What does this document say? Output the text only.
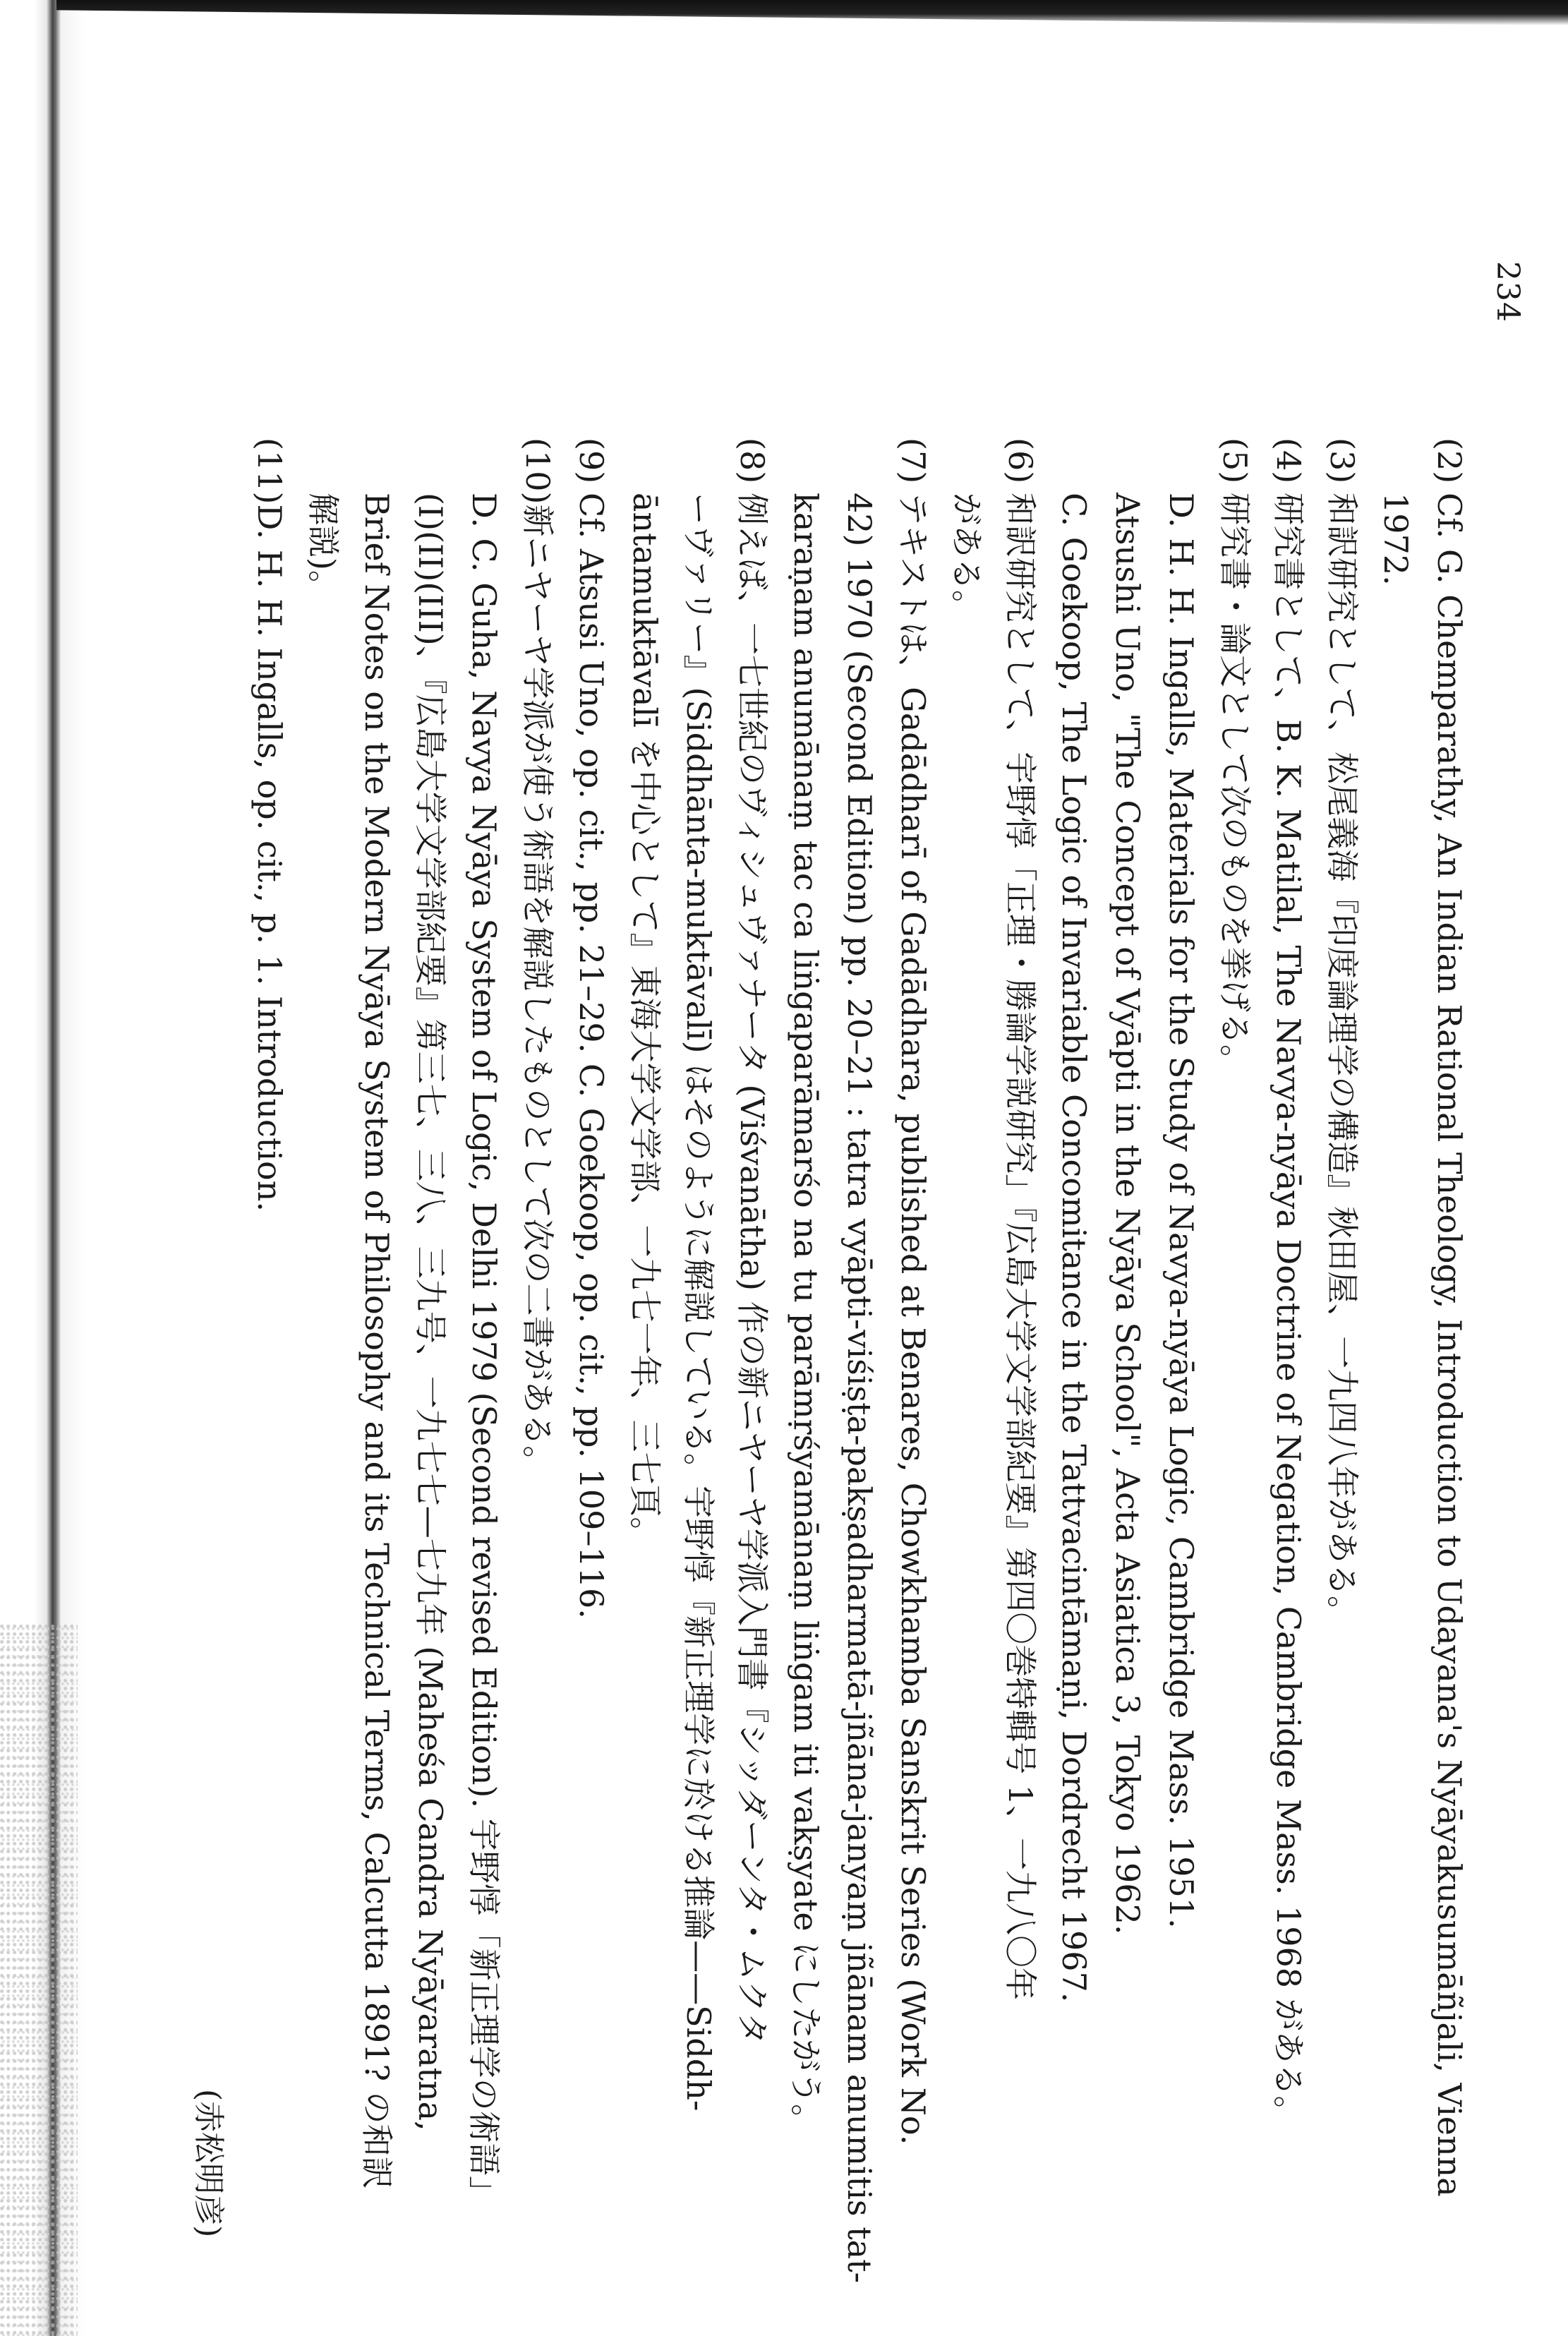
234
(2)Cf. G. Chemparathy, An Indian Rational Theology, Introduction to Udayana's Nyāyakusumāñjali, Vienna
1972.
(3)和訳研究として、松尾義海『印度論理学の構造』秋田屋、一九四八年がある。
(4)研究書として、B. K. Matilal, The Navya-nyāya Doctrine of Negation, Cambridge Mass. 1968 がある。
(5)研究書・論文として次のものを挙げる。
D. H. H. Ingalls, Materials for the Study of Navya-nyāya Logic, Cambridge Mass. 1951.
Atsushi Uno, "The Concept of Vyāpti in the Nyāya School", Acta Asiatica 3, Tokyo 1962.
C. Goekoop, The Logic of Invariable Concomitance in the Tattvacintāmaṇi, Dordrecht 1967.
(6)和訳研究として、宇野惇「正理・勝論学説研究」『広島大学文学部紀要』第四〇巻特輯号 1、一九八〇年
がある。
(7)テキストは、Gadādharī of Gadādhara, published at Benares, Chowkhamba Sanskrit Series (Work No.
42) 1970 (Second Edition) pp. 20–21 : tatra vyāpti-viśiṣṭa-pakṣadharmatā-jñāna-janyaṃ jñānam anumitis tat-
karaṇam anumānaṃ tac ca liṅgaparāmarśo na tu parāmṛśyamānaṃ liṅgam iti vakṣyate にしたがう。
(8)例えば、一七世紀のヴィシュヴァナータ (Viśvanātha) 作の新ニヤーヤ学派入門書『シッダーンタ・ムクタ
ーヴァリー』(Siddhānta-muktāvalī) はそのように解説している。宇野惇『新正理学に於ける推論——Siddh-
āntamuktāvalī を中心として』東海大学文学部、一九七一年、三七頁。
(9)Cf. Atsusi Uno, op. cit., pp. 21–29. C. Goekoop, op. cit., pp. 109–116.
(10)新ニヤーヤ学派が使う術語を解説したものとして次の二書がある。
D. C. Guha, Navya Nyāya System of Logic, Delhi 1979 (Second revised Edition). 宇野惇「新正理学の術語」
(I)(II)(III)、『広島大学文学部紀要』第三七、三八、三九号、一九七七—七九年 (Maheśa Candra Nyāyaratna,
Brief Notes on the Modern Nyāya System of Philosophy and its Technical Terms, Calcutta 1891? の和訳
解説)。
(11)D. H. H. Ingalls, op. cit., p. 1. Introduction.
(赤松明彦)
